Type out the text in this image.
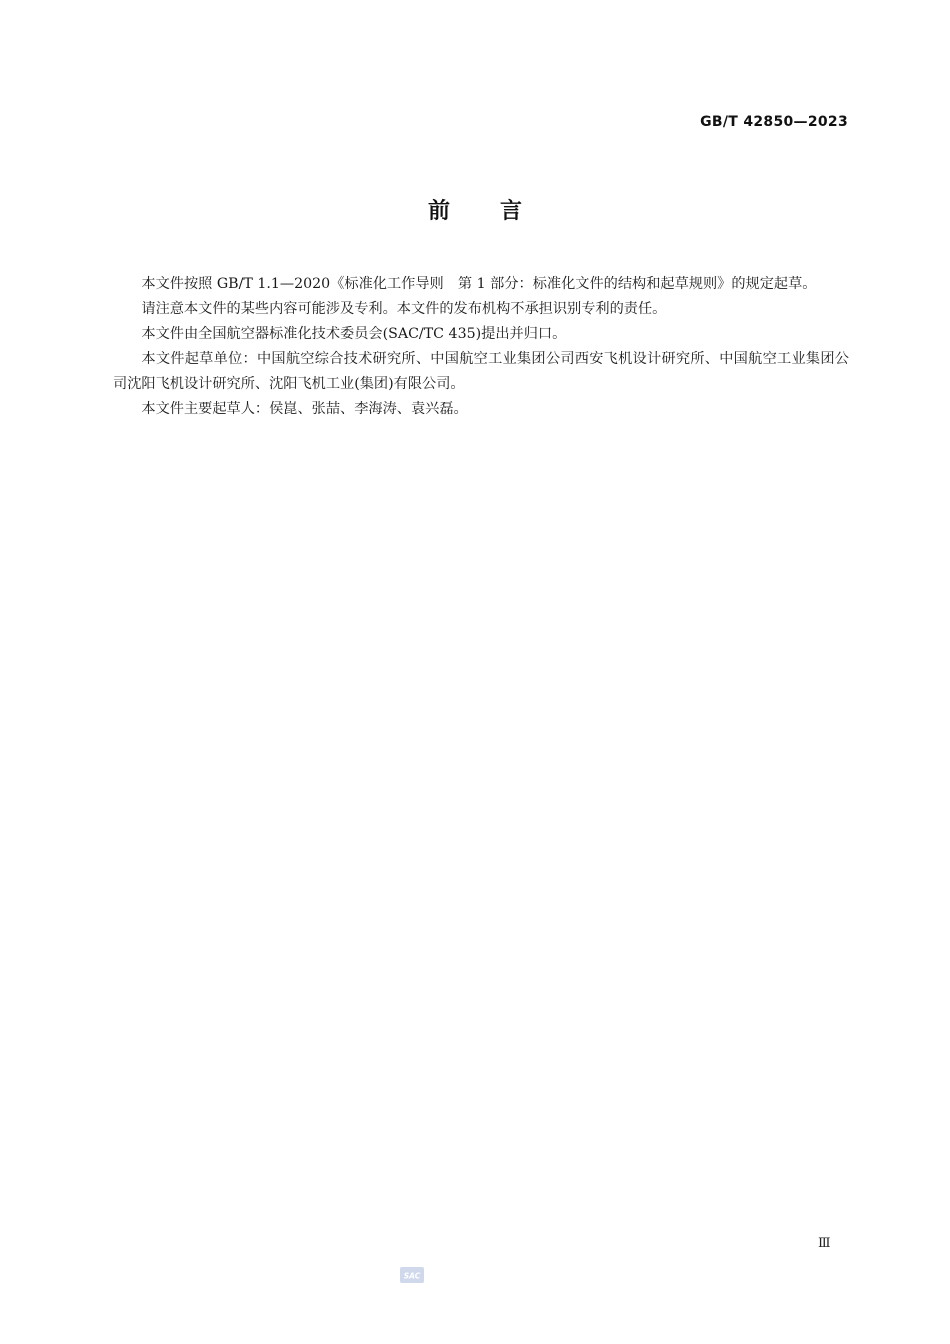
GB/T 42850—2023
前 言

本文件按照 GB/T 1.1—2020《标准化工作导则　第 1 部分：标准化文件的结构和起草规则》的规定起草。

请注意本文件的某些内容可能涉及专利。本文件的发布机构不承担识别专利的责任。

本文件由全国航空器标准化技术委员会(SAC/TC 435)提出并归口。

本文件起草单位：中国航空综合技术研究所、中国航空工业集团公司西安飞机设计研究所、中国航空工业集团公司沈阳飞机设计研究所、沈阳飞机工业(集团)有限公司。

本文件主要起草人：侯崑、张喆、李海涛、袁兴磊。

Ⅲ
SAC
